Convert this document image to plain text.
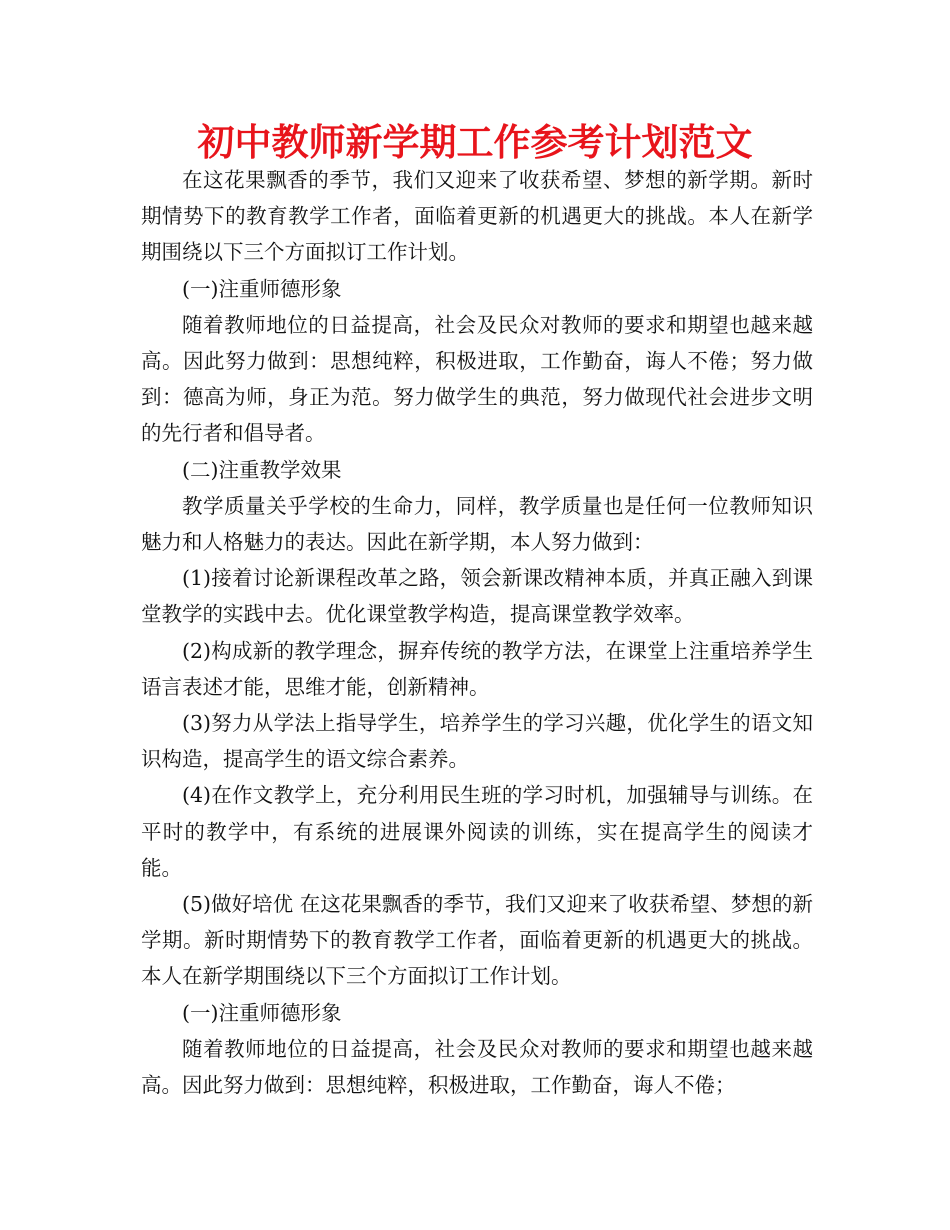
初中教师新学期工作参考计划范文

在这花果飘香的季节，我们又迎来了收获希望、梦想的新学期。新时期情势下的教育教学工作者，面临着更新的机遇更大的挑战。本人在新学期围绕以下三个方面拟订工作计划。

(一)注重师德形象

随着教师地位的日益提高，社会及民众对教师的要求和期望也越来越高。因此努力做到：思想纯粹，积极进取，工作勤奋，诲人不倦；努力做到：德高为师，身正为范。努力做学生的典范，努力做现代社会进步文明的先行者和倡导者。

(二)注重教学效果

教学质量关乎学校的生命力，同样，教学质量也是任何一位教师知识魅力和人格魅力的表达。因此在新学期，本人努力做到：

(1)接着讨论新课程改革之路，领会新课改精神本质，并真正融入到课堂教学的实践中去。优化课堂教学构造，提高课堂教学效率。

(2)构成新的教学理念，摒弃传统的教学方法，在课堂上注重培养学生语言表述才能，思维才能，创新精神。

(3)努力从学法上指导学生，培养学生的学习兴趣，优化学生的语文知识构造，提高学生的语文综合素养。

(4)在作文教学上，充分利用民生班的学习时机，加强辅导与训练。在平时的教学中，有系统的进展课外阅读的训练，实在提高学生的阅读才能。

(5)做好培优 在这花果飘香的季节，我们又迎来了收获希望、梦想的新学期。新时期情势下的教育教学工作者，面临着更新的机遇更大的挑战。本人在新学期围绕以下三个方面拟订工作计划。

(一)注重师德形象

随着教师地位的日益提高，社会及民众对教师的要求和期望也越来越高。因此努力做到：思想纯粹，积极进取，工作勤奋，诲人不倦；
